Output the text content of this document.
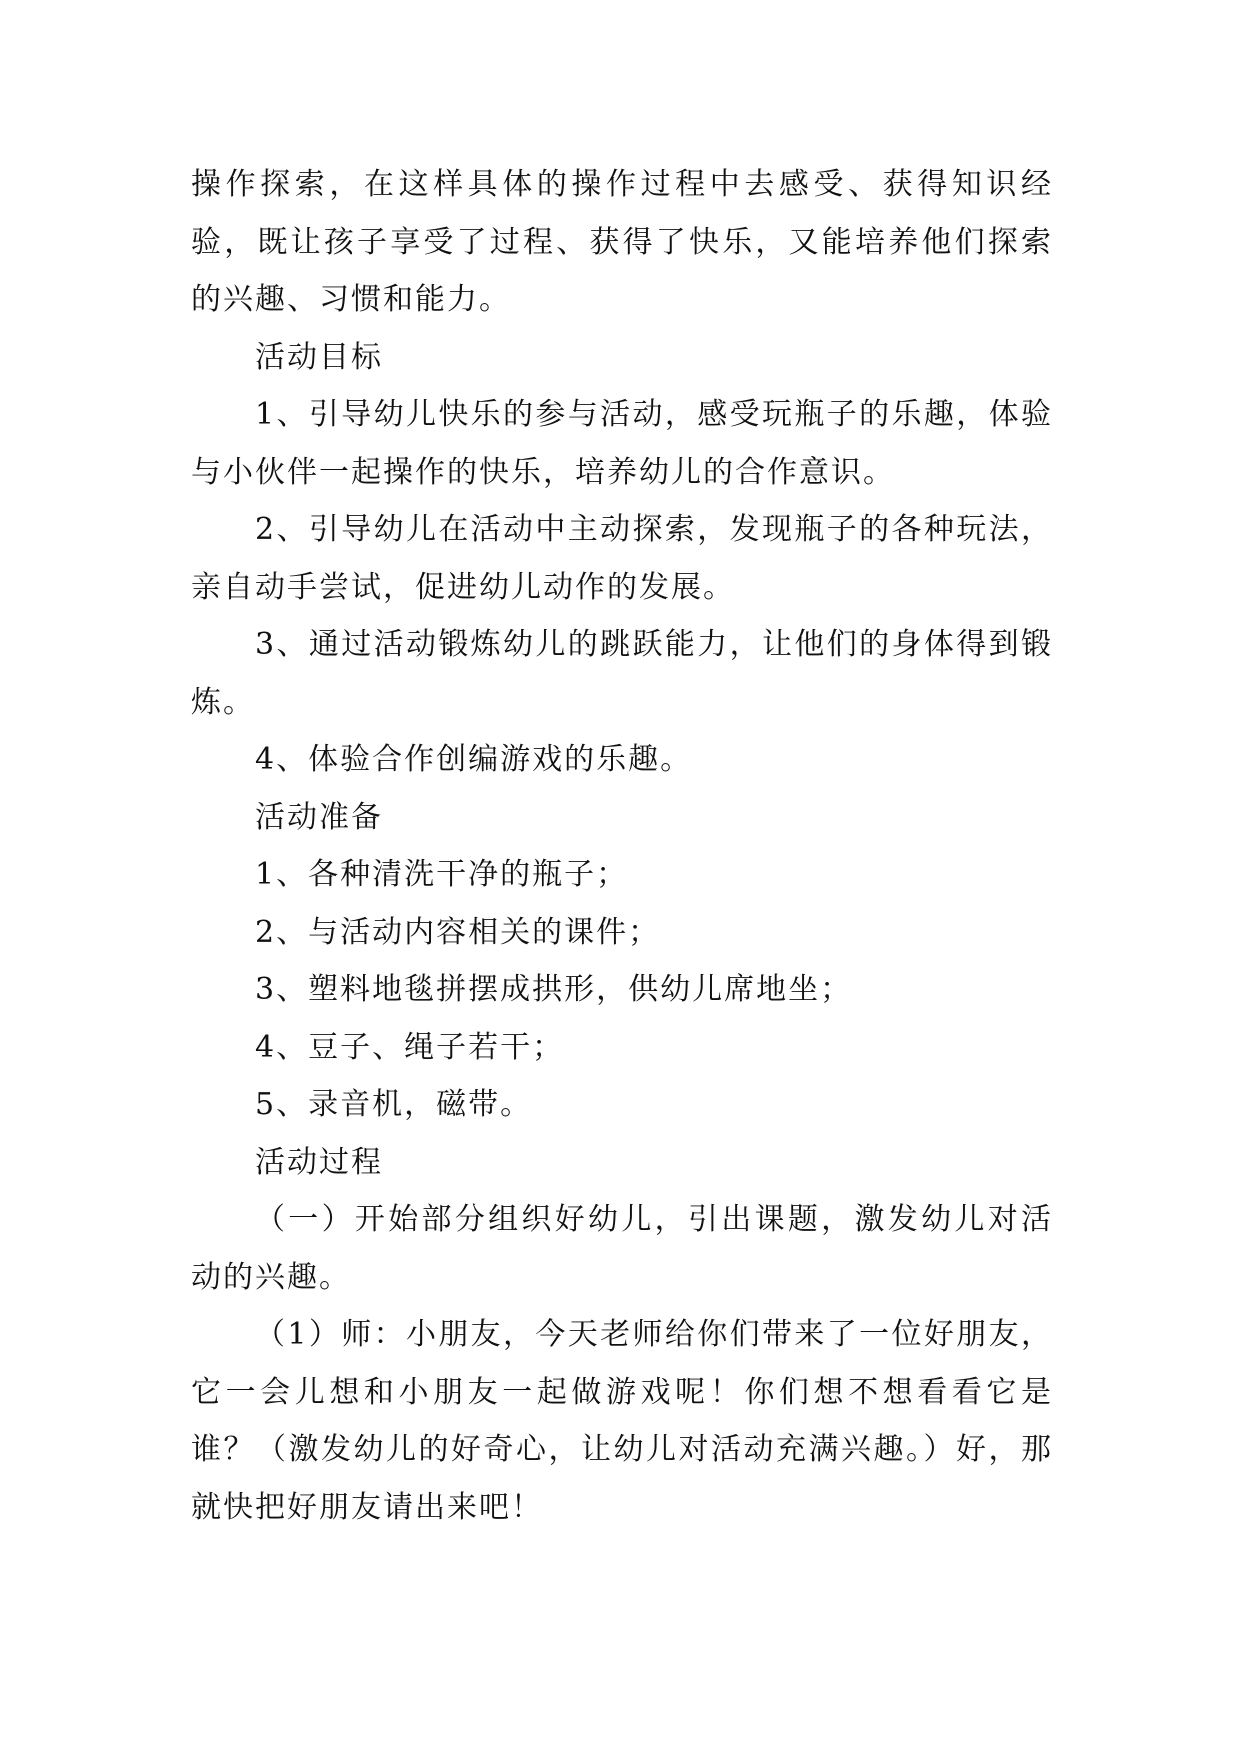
操作探索，在这样具体的操作过程中去感受、获得知识经验，既让孩子享受了过程、获得了快乐，又能培养他们探索的兴趣、习惯和能力。

活动目标

1、引导幼儿快乐的参与活动，感受玩瓶子的乐趣，体验与小伙伴一起操作的快乐，培养幼儿的合作意识。

2、引导幼儿在活动中主动探索，发现瓶子的各种玩法，亲自动手尝试，促进幼儿动作的发展。

3、通过活动锻炼幼儿的跳跃能力，让他们的身体得到锻炼。

4、体验合作创编游戏的乐趣。

活动准备

1、各种清洗干净的瓶子；

2、与活动内容相关的课件；

3、塑料地毯拼摆成拱形，供幼儿席地坐；

4、豆子、绳子若干；

5、录音机，磁带。

活动过程

（一）开始部分组织好幼儿，引出课题，激发幼儿对活动的兴趣。

（1）师：小朋友，今天老师给你们带来了一位好朋友，它一会儿想和小朋友一起做游戏呢！你们想不想看看它是谁？（激发幼儿的好奇心，让幼儿对活动充满兴趣。）好，那就快把好朋友请出来吧！
